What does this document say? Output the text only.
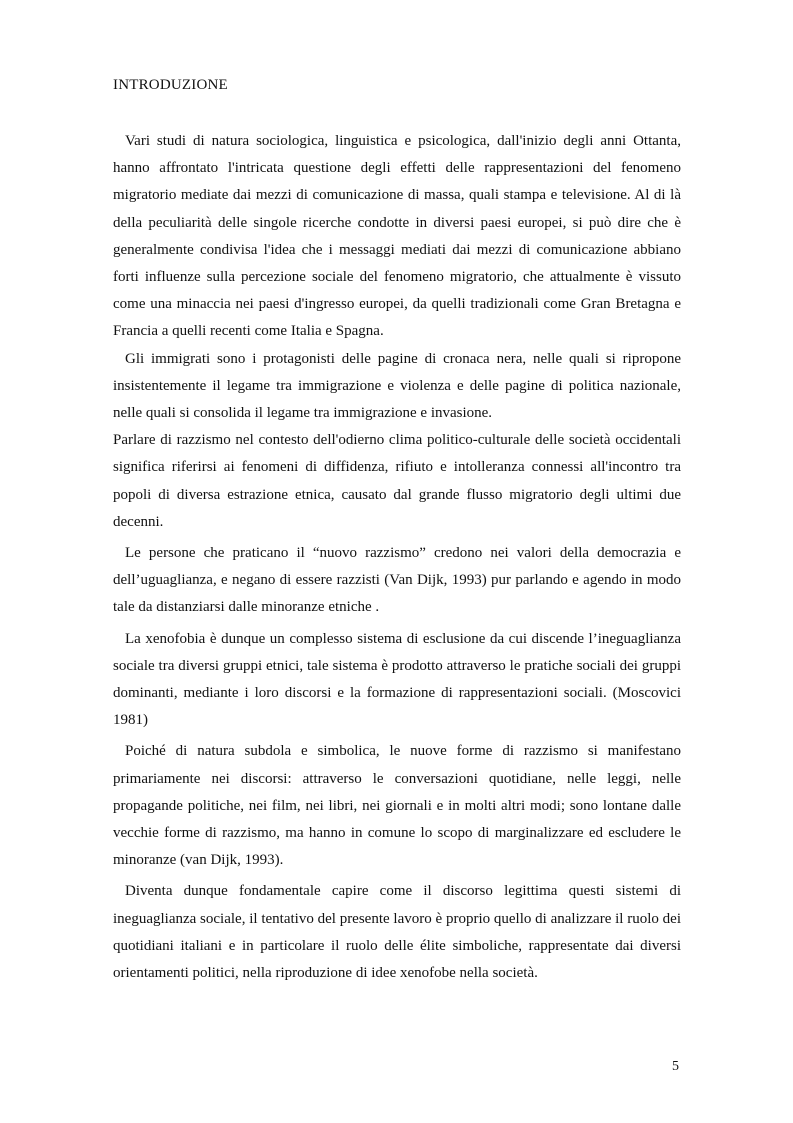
INTRODUZIONE

Vari studi di natura sociologica, linguistica e psicologica, dall'inizio degli anni Ottanta, hanno affrontato l'intricata questione degli effetti delle rappresentazioni del fenomeno migratorio mediate dai mezzi di comunicazione di massa, quali stampa e televisione. Al di là della peculiarità delle singole ricerche condotte in diversi paesi europei, si può dire che è generalmente condivisa l'idea che i messaggi mediati dai mezzi di comunicazione abbiano forti influenze sulla percezione sociale del fenomeno migratorio, che attualmente è vissuto come una minaccia nei paesi d'ingresso europei, da quelli tradizionali come Gran Bretagna e Francia a quelli recenti come Italia e Spagna.

Gli immigrati sono i protagonisti delle pagine di cronaca nera, nelle quali si ripropone insistentemente il legame tra immigrazione e violenza e delle pagine di politica nazionale, nelle quali si consolida il legame tra immigrazione e invasione.

Parlare di razzismo nel contesto dell'odierno clima politico-culturale delle società occidentali significa riferirsi ai fenomeni di diffidenza, rifiuto e intolleranza connessi all'incontro tra popoli di diversa estrazione etnica, causato dal grande flusso migratorio degli ultimi due decenni.

Le persone che praticano il “nuovo razzismo” credono nei valori della democrazia e dell’uguaglianza, e negano di essere razzisti (Van Dijk, 1993) pur parlando e agendo in modo tale da distanziarsi dalle minoranze etniche .

La xenofobia è dunque un complesso sistema di esclusione da cui discende l’ineguaglianza sociale tra diversi gruppi etnici, tale sistema è prodotto attraverso le pratiche sociali dei gruppi dominanti, mediante i loro discorsi e la formazione di rappresentazioni sociali. (Moscovici 1981)

Poiché di natura subdola e simbolica, le nuove forme di razzismo si manifestano primariamente nei discorsi: attraverso le conversazioni quotidiane, nelle leggi, nelle propagande politiche, nei film, nei libri, nei giornali e in molti altri modi; sono lontane dalle vecchie forme di razzismo, ma hanno in comune lo scopo di marginalizzare ed escludere le minoranze (van Dijk, 1993).

Diventa dunque fondamentale capire come il discorso legittima questi sistemi di ineguaglianza sociale, il tentativo del presente lavoro è proprio quello di analizzare il ruolo dei quotidiani italiani e in particolare il ruolo delle élite simboliche, rappresentate dai diversi orientamenti politici, nella riproduzione di idee xenofobe nella società.

5
